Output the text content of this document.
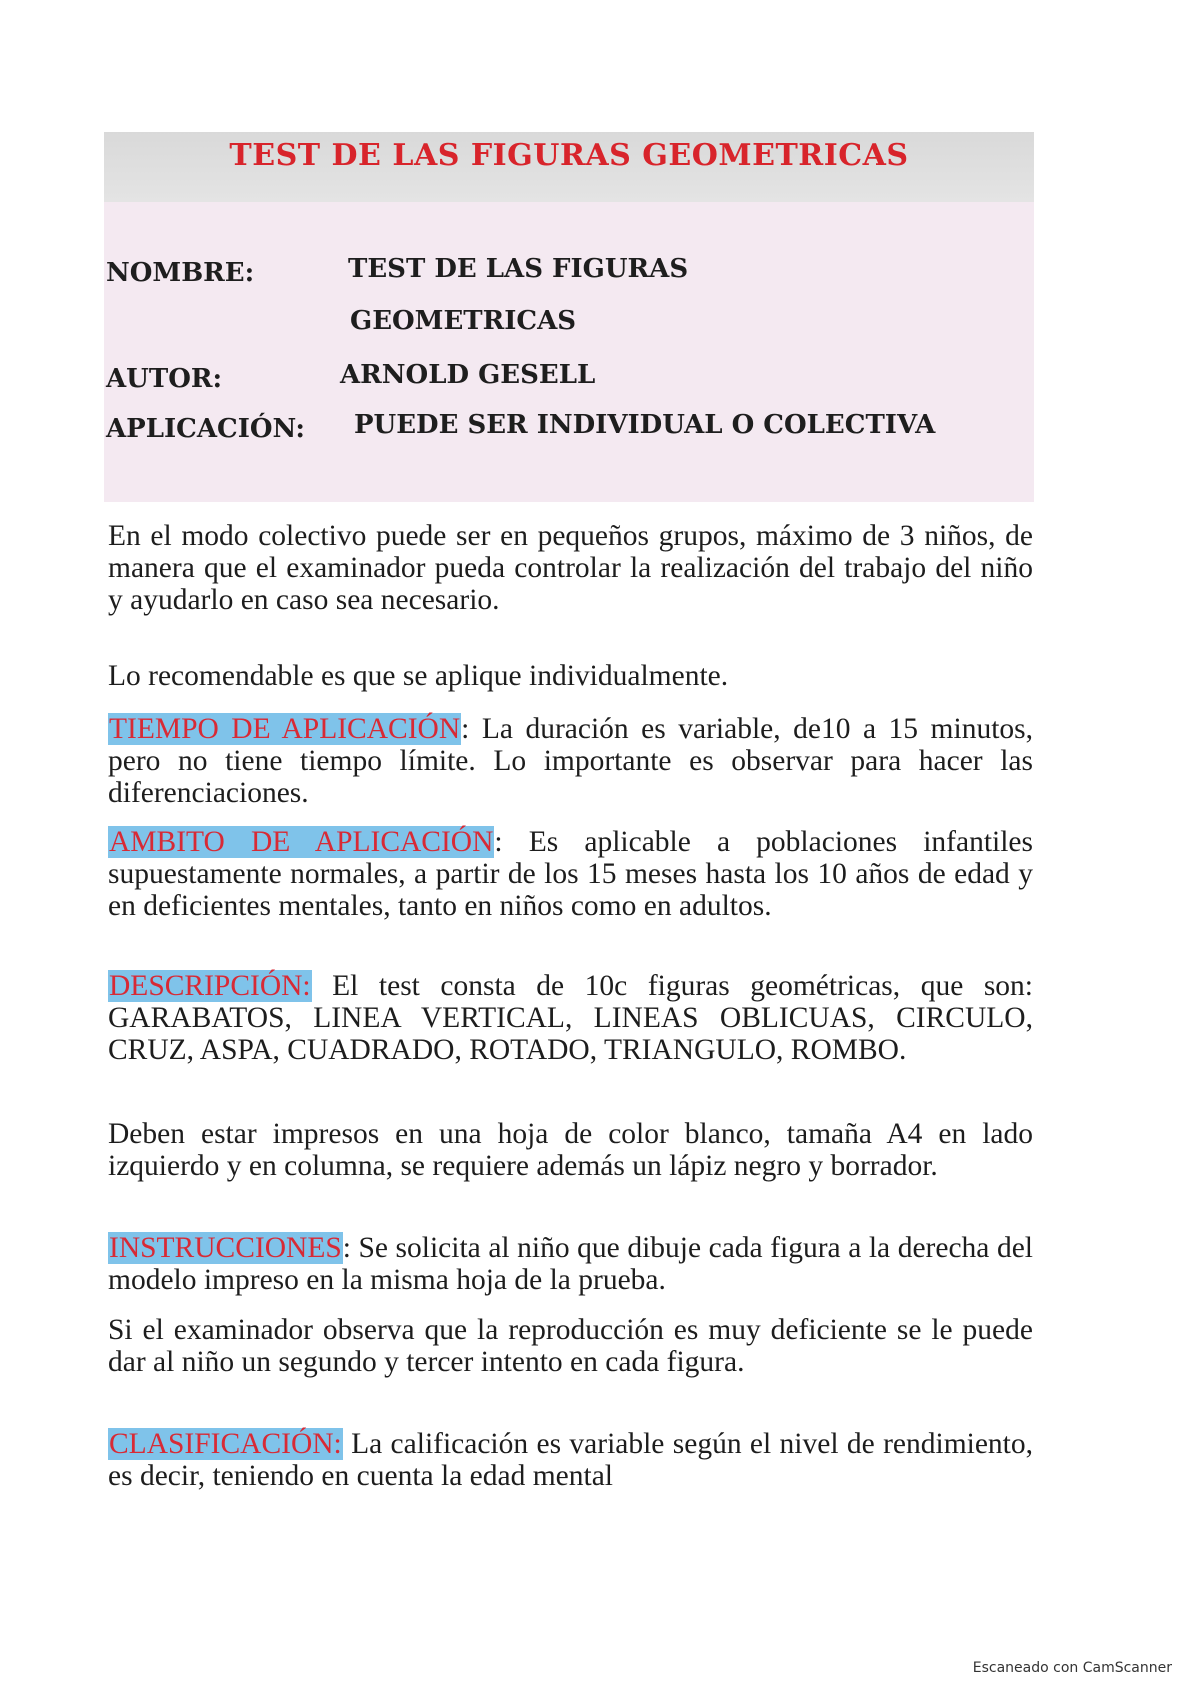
TEST DE LAS FIGURAS GEOMETRICAS
NOMBRE:	TEST DE LAS FIGURAS
GEOMETRICAS
AUTOR:	ARNOLD GESELL
APLICACIÓN: PUEDE SER INDIVIDUAL O COLECTIVA

En el modo colectivo puede ser en pequeños grupos, máximo de 3 niños, de manera que el examinador pueda controlar la realización del trabajo del niño y ayudarlo en caso sea necesario.

Lo recomendable es que se aplique individualmente.

TIEMPO DE APLICACIÓN: La duración es variable, de10 a 15 minutos, pero no tiene tiempo límite. Lo importante es observar para hacer las diferenciaciones.

AMBITO DE APLICACIÓN: Es aplicable a poblaciones infantiles supuestamente normales, a partir de los 15 meses hasta los 10 años de edad y en deficientes mentales, tanto en niños como en adultos.

DESCRIPCIÓN: El test consta de 10c figuras geométricas, que son: GARABATOS, LINEA VERTICAL, LINEAS OBLICUAS, CIRCULO, CRUZ, ASPA, CUADRADO, ROTADO, TRIANGULO, ROMBO.

Deben estar impresos en una hoja de color blanco, tamaña A4 en lado izquierdo y en columna, se requiere además un lápiz negro y borrador.

INSTRUCCIONES: Se solicita al niño que dibuje cada figura a la derecha del modelo impreso en la misma hoja de la prueba.

Si el examinador observa que la reproducción es muy deficiente se le puede dar al niño un segundo y tercer intento en cada figura.

CLASIFICACIÓN: La calificación es variable según el nivel de rendimiento, es decir, teniendo en cuenta la edad mental

Escaneado con CamScanner
